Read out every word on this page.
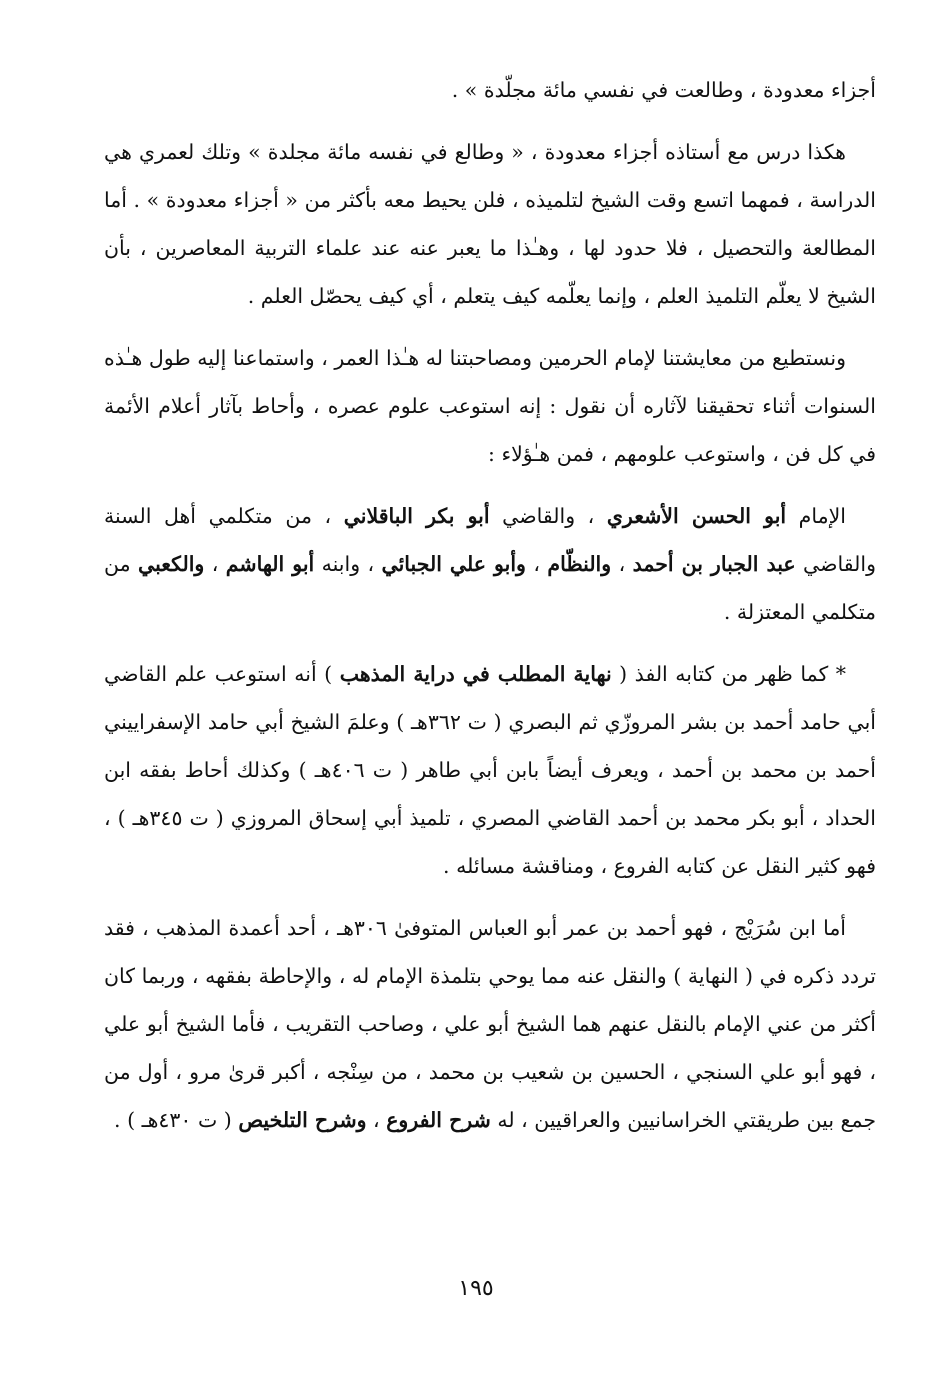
أجزاء معدودة ، وطالعت في نفسي مائة مجلّدة » .

هكذا درس مع أستاذه أجزاء معدودة ، « وطالع في نفسه مائة مجلدة » وتلك لعمري هي الدراسة ، فمهما اتسع وقت الشيخ لتلميذه ، فلن يحيط معه بأكثر من « أجزاء معدودة » . أما المطالعة والتحصيل ، فلا حدود لها ، وهـٰذا ما يعبر عنه عند علماء التربية المعاصرين ، بأن الشيخ لا يعلّم التلميذ العلم ، وإنما يعلّمه كيف يتعلم ، أي كيف يحصّل العلم .

ونستطيع من معايشتنا لإمام الحرمين ومصاحبتنا له هـٰذا العمر ، واستماعنا إليه طول هـٰذه السنوات أثناء تحقيقنا لآثاره أن نقول : إنه استوعب علوم عصره ، وأحاط بآثار أعلام الأئمة في كل فن ، واستوعب علومهم ، فمن هـٰؤلاء :

الإمام أبو الحسن الأشعري ، والقاضي أبو بكر الباقلاني ، من متكلمي أهل السنة والقاضي عبد الجبار بن أحمد ، والنظّام ، وأبو علي الجبائي ، وابنه أبو الهاشم ، والكعبي من متكلمي المعتزلة .

* كما ظهر من كتابه الفذ ( نهاية المطلب في دراية المذهب ) أنه استوعب علم القاضي أبي حامد أحمد بن بشر المروزّي ثم البصري ( ت ٣٦٢هـ ) وعلمَ الشيخ أبي حامد الإسفراييني أحمد بن محمد بن أحمد ، ويعرف أيضاً بابن أبي طاهر ( ت ٤٠٦هـ ) وكذلك أحاط بفقه ابن الحداد ، أبو بكر محمد بن أحمد القاضي المصري ، تلميذ أبي إسحاق المروزي ( ت ٣٤٥هـ ) ، فهو كثير النقل عن كتابه الفروع ، ومناقشة مسائله .

أما ابن سُرَيْج ، فهو أحمد بن عمر أبو العباس المتوفىٰ ٣٠٦هـ ، أحد أعمدة المذهب ، فقد تردد ذكره في ( النهاية ) والنقل عنه مما يوحي بتلمذة الإمام له ، والإحاطة بفقهه ، وربما كان أكثر من عني الإمام بالنقل عنهم هما الشيخ أبو علي ، وصاحب التقريب ، فأما الشيخ أبو علي ، فهو أبو علي السنجي ، الحسين بن شعيب بن محمد ، من سِنْجه ، أكبر قرىٰ مرو ، أول من جمع بين طريقتي الخراسانيين والعراقيين ، له شرح الفروع ، وشرح التلخيص ( ت ٤٣٠هـ ) .

١٩٥
